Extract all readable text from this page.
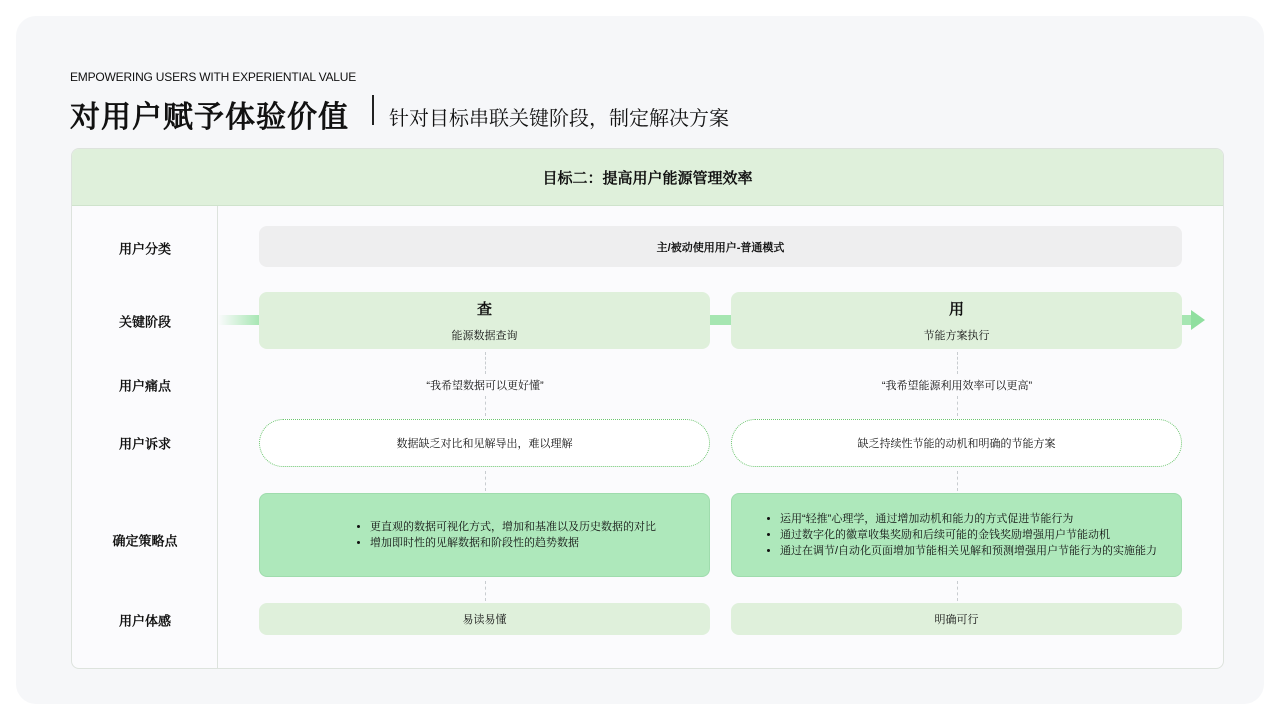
EMPOWERING USERS WITH EXPERIENTIAL VALUE
对用户赋予体验价值 针对目标串联关键阶段，制定解决方案
目标二：提高用户能源管理效率
用户分类
关键阶段
用户痛点
用户诉求
确定策略点
用户体感
主/被动使用用户-普通模式
查
能源数据查询
“我希望数据可以更好懂”
数据缺乏对比和见解导出，难以理解
• 更直观的数据可视化方式，增加和基准以及历史数据的对比
• 增加即时性的见解数据和阶段性的趋势数据
易读易懂
用
节能方案执行
“我希望能源利用效率可以更高”
缺乏持续性节能的动机和明确的节能方案
• 运用“轻推”心理学，通过增加动机和能力的方式促进节能行为
• 通过数字化的徽章收集奖励和后续可能的金钱奖励增强用户节能动机
• 通过在调节/自动化页面增加节能相关见解和预测增强用户节能行为的实施能力
明确可行
